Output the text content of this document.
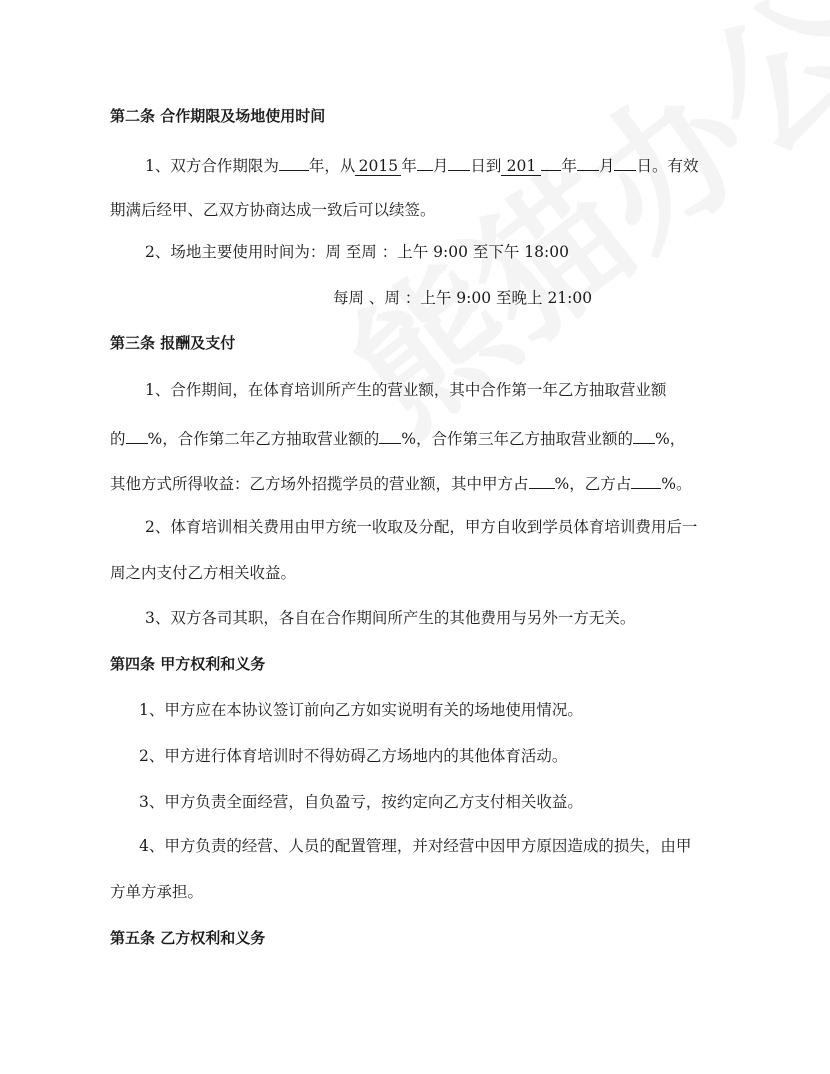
第二条 合作期限及场地使用时间
1、双方合作期限为 年，从 2015 年 月 日到 201 年 月 日。有效
期满后经甲、乙双方协商达成一致后可以续签。
2、场地主要使用时间为：周 至周 ：上午 9:00 至下午 18:00
每周 、周 ：上午 9:00 至晚上 21:00
第三条 报酬及支付
1、合作期间，在体育培训所产生的营业额，其中合作第一年乙方抽取营业额
的 %，合作第二年乙方抽取营业额的 %，合作第三年乙方抽取营业额的 %，
其他方式所得收益：乙方场外招揽学员的营业额，其中甲方占 %，乙方占 %。
2、体育培训相关费用由甲方统一收取及分配，甲方自收到学员体育培训费用后一
周之内支付乙方相关收益。
3、双方各司其职，各自在合作期间所产生的其他费用与另外一方无关。
第四条 甲方权利和义务
1、甲方应在本协议签订前向乙方如实说明有关的场地使用情况。
2、甲方进行体育培训时不得妨碍乙方场地内的其他体育活动。
3、甲方负责全面经营，自负盈亏，按约定向乙方支付相关收益。
4、甲方负责的经营、人员的配置管理，并对经营中因甲方原因造成的损失，由甲
方单方承担。
第五条 乙方权利和义务
